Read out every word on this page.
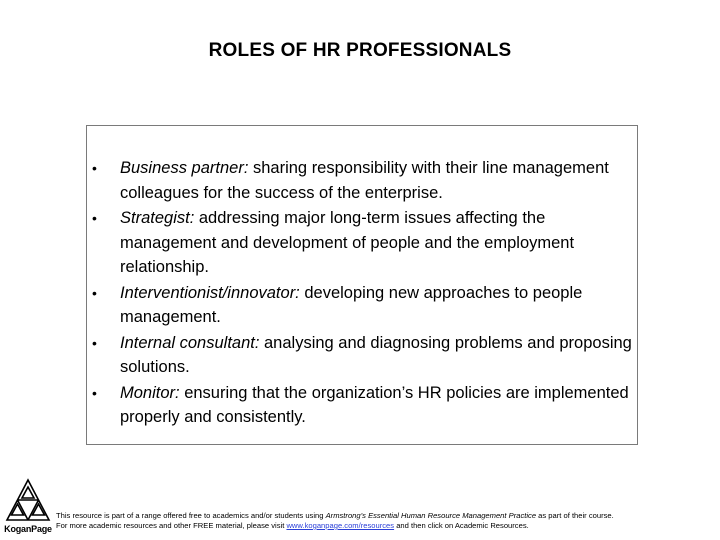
ROLES OF HR PROFESSIONALS
• Business partner: sharing responsibility with their line management colleagues for the success of the enterprise.
• Strategist: addressing major long-term issues affecting the management and development of people and the employment relationship.
• Interventionist/innovator: developing new approaches to people management.
• Internal consultant: analysing and diagnosing problems and proposing solutions.
• Monitor: ensuring that the organization’s HR policies are implemented properly and consistently.
KoganPage
This resource is part of a range offered free to academics and/or students using Armstrong’s Essential Human Resource Management Practice as part of their course.
For more academic resources and other FREE material, please visit www.koganpage.com/resources and then click on Academic Resources.
